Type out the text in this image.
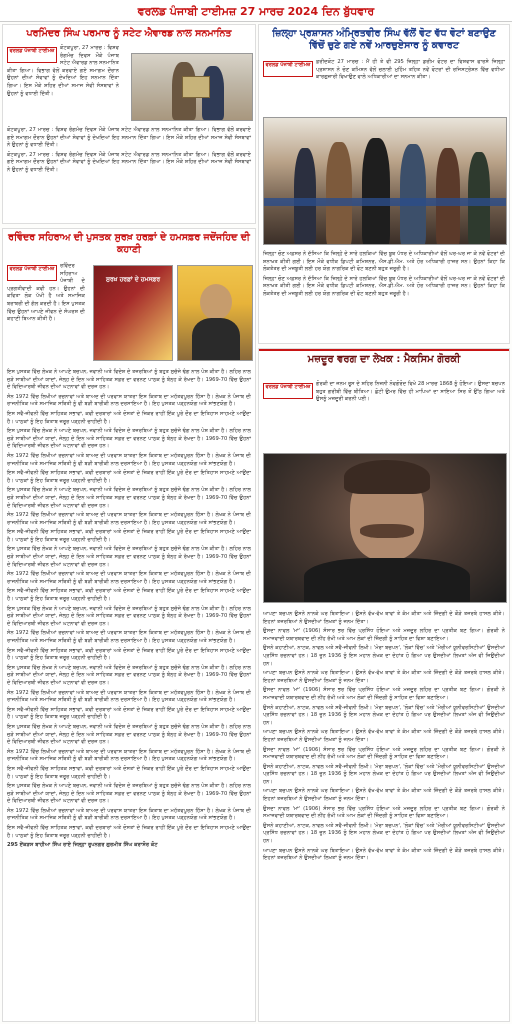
ਵਰਲਡ ਪੰਜਾਬੀ ਟਾਈਮਜ਼ 27 ਮਾਰਚ 2024 ਦਿਨ ਬੁੱਧਵਾਰ
ਪਰਮਿੰਦਰ ਸਿੰਘ ਪਰਮਾਰ ਨੂੰ ਸਟੇਟ ਐਵਾਰਡ ਨਾਲ ਸਨਮਾਨਿਤ
ਵਰਲਡ ਪੰਜਾਬੀ ਟਾਈਮਜ਼	ਕੋਟਕਪੂਰਾ, 27 ਮਾਰਚ : ਵਿਸ਼ਵ ਰੰਗਮੰਚ ਦਿਵਸ ਮੌਕੇ ਪੰਜਾਬ ਸਟੇਟ ਐਵਾਰਡ ਨਾਲ ਸਨਮਾਨਿਤ ਕੀਤਾ ਗਿਆ। ਵਿਭਾਗ ਵੱਲੋਂ ਕਰਵਾਏ ਗਏ ਸਮਾਗਮ ਦੌਰਾਨ ਉਹਨਾਂ ਦੀਆਂ ਸੇਵਾਵਾਂ ਨੂੰ ਦੇਖਦਿਆਂ ਇਹ ਸਨਮਾਨ ਦਿੱਤਾ ਗਿਆ। ਇਸ ਮੌਕੇ ਸ਼ਹਿਰ ਦੀਆਂ ਸਮਾਜ ਸੇਵੀ ਸੰਸਥਾਵਾਂ ਨੇ ਉਹਨਾਂ ਨੂੰ ਵਧਾਈ ਦਿੱਤੀ।

ਕੋਟਕਪੂਰਾ, 27 ਮਾਰਚ : ਵਿਸ਼ਵ ਰੰਗਮੰਚ ਦਿਵਸ ਮੌਕੇ ਪੰਜਾਬ ਸਟੇਟ ਐਵਾਰਡ ਨਾਲ ਸਨਮਾਨਿਤ ਕੀਤਾ ਗਿਆ। ਵਿਭਾਗ ਵੱਲੋਂ ਕਰਵਾਏ ਗਏ ਸਮਾਗਮ ਦੌਰਾਨ ਉਹਨਾਂ ਦੀਆਂ ਸੇਵਾਵਾਂ ਨੂੰ ਦੇਖਦਿਆਂ ਇਹ ਸਨਮਾਨ ਦਿੱਤਾ ਗਿਆ। ਇਸ ਮੌਕੇ ਸ਼ਹਿਰ ਦੀਆਂ ਸਮਾਜ ਸੇਵੀ ਸੰਸਥਾਵਾਂ ਨੇ ਉਹਨਾਂ ਨੂੰ ਵਧਾਈ ਦਿੱਤੀ।

ਕੋਟਕਪੂਰਾ, 27 ਮਾਰਚ : ਵਿਸ਼ਵ ਰੰਗਮੰਚ ਦਿਵਸ ਮੌਕੇ ਪੰਜਾਬ ਸਟੇਟ ਐਵਾਰਡ ਨਾਲ ਸਨਮਾਨਿਤ ਕੀਤਾ ਗਿਆ। ਵਿਭਾਗ ਵੱਲੋਂ ਕਰਵਾਏ ਗਏ ਸਮਾਗਮ ਦੌਰਾਨ ਉਹਨਾਂ ਦੀਆਂ ਸੇਵਾਵਾਂ ਨੂੰ ਦੇਖਦਿਆਂ ਇਹ ਸਨਮਾਨ ਦਿੱਤਾ ਗਿਆ। ਇਸ ਮੌਕੇ ਸ਼ਹਿਰ ਦੀਆਂ ਸਮਾਜ ਸੇਵੀ ਸੰਸਥਾਵਾਂ ਨੇ ਉਹਨਾਂ ਨੂੰ ਵਧਾਈ ਦਿੱਤੀ।

ਰਵਿੰਦਰ ਸਹਿਰਾਅ ਦੀ ਪੁਸਤਕ ਸੁਰਖ਼ ਹਰਫ਼ਾਂ ਦੇ ਹਮਸਫ਼ਰ ਜਦੋਂਜਹਿਦ ਦੀ ਕਹਾਣੀ
ਵਰਲਡ ਪੰਜਾਬੀ ਟਾਈਮਜ਼	ਰਵਿੰਦਰ ਸਹਿਰਾਅ ਪੰਜਾਬੀ ਦੇ ਪ੍ਰਗਤੀਵਾਦੀ ਕਵੀ ਹਨ। ਉਹਨਾਂ ਦੀ ਕਵਿਤਾ ਲੋਕ ਪੱਖੀ ਹੈ ਅਤੇ ਸਮਾਜਿਕ ਬਰਾਬਰੀ ਦੀ ਗੱਲ ਕਰਦੀ ਹੈ। ਇਸ ਪੁਸਤਕ ਵਿੱਚ ਉਹਨਾਂ ਆਪਣੇ ਜੀਵਨ ਦੇ ਸੰਘਰਸ਼ ਦੀ ਕਹਾਣੀ ਬਿਆਨ ਕੀਤੀ ਹੈ।

ਸੁਰਖ਼ ਹਰਫ਼ਾਂ ਦੇ ਹਮਸਫ਼ਰ

ਇਸ ਪੁਸਤਕ ਵਿੱਚ ਲੇਖਕ ਨੇ ਆਪਣੇ ਬਚਪਨ, ਜਵਾਨੀ ਅਤੇ ਵਿਦੇਸ਼ ਦੇ ਤਜਰਬਿਆਂ ਨੂੰ ਬਹੁਤ ਸੁਚੱਜੇ ਢੰਗ ਨਾਲ ਪੇਸ਼ ਕੀਤਾ ਹੈ। ਲਹਿਰ ਨਾਲ ਜੁੜੇ ਸਾਥੀਆਂ ਦੀਆਂ ਯਾਦਾਂ, ਜੇਲ੍ਹ ਦੇ ਦਿਨ ਅਤੇ ਸਾਹਿਤਕ ਸਫ਼ਰ ਦਾ ਵਰਨਣ ਪਾਠਕ ਨੂੰ ਬੰਨ੍ਹ ਕੇ ਰੱਖਦਾ ਹੈ। 1969-70 ਵਿੱਚ ਉਹਨਾਂ ਦੇ ਵਿਦਿਆਰਥੀ ਜੀਵਨ ਦੀਆਂ ਘਟਨਾਵਾਂ ਵੀ ਦਰਜ ਹਨ।

ਸੰਨ 1972 ਵਿੱਚ ਲਿਖੀਆਂ ਰਚਨਾਵਾਂ ਅਤੇ ਬਾਅਦ ਦੀ ਪਰਵਾਸ ਯਾਤਰਾ ਇਸ ਕਿਤਾਬ ਦਾ ਮਹੱਤਵਪੂਰਨ ਹਿੱਸਾ ਹੈ। ਲੇਖਕ ਨੇ ਪੰਜਾਬ ਦੀ ਰਾਜਨੀਤਿਕ ਅਤੇ ਸਮਾਜਿਕ ਸਥਿਤੀ ਨੂੰ ਵੀ ਬੜੀ ਬਾਰੀਕੀ ਨਾਲ ਦਰਸਾਇਆ ਹੈ। ਇਹ ਪੁਸਤਕ ਪੜ੍ਹਨਯੋਗ ਅਤੇ ਸਾਂਭਣਯੋਗ ਹੈ।

ਇਸ ਸਵੈ-ਜੀਵਨੀ ਵਿੱਚ ਸਾਹਿਤਕ ਸਭਾਵਾਂ, ਕਵੀ ਦਰਬਾਰਾਂ ਅਤੇ ਦੋਸਤਾਂ ਦੇ ਜ਼ਿਕਰ ਰਾਹੀਂ ਇੱਕ ਪੂਰੇ ਦੌਰ ਦਾ ਇਤਿਹਾਸ ਸਾਹਮਣੇ ਆਉਂਦਾ ਹੈ। ਪਾਠਕਾਂ ਨੂੰ ਇਹ ਕਿਤਾਬ ਜ਼ਰੂਰ ਪੜ੍ਹਨੀ ਚਾਹੀਦੀ ਹੈ।

ਇਸ ਪੁਸਤਕ ਵਿੱਚ ਲੇਖਕ ਨੇ ਆਪਣੇ ਬਚਪਨ, ਜਵਾਨੀ ਅਤੇ ਵਿਦੇਸ਼ ਦੇ ਤਜਰਬਿਆਂ ਨੂੰ ਬਹੁਤ ਸੁਚੱਜੇ ਢੰਗ ਨਾਲ ਪੇਸ਼ ਕੀਤਾ ਹੈ। ਲਹਿਰ ਨਾਲ ਜੁੜੇ ਸਾਥੀਆਂ ਦੀਆਂ ਯਾਦਾਂ, ਜੇਲ੍ਹ ਦੇ ਦਿਨ ਅਤੇ ਸਾਹਿਤਕ ਸਫ਼ਰ ਦਾ ਵਰਨਣ ਪਾਠਕ ਨੂੰ ਬੰਨ੍ਹ ਕੇ ਰੱਖਦਾ ਹੈ। 1969-70 ਵਿੱਚ ਉਹਨਾਂ ਦੇ ਵਿਦਿਆਰਥੀ ਜੀਵਨ ਦੀਆਂ ਘਟਨਾਵਾਂ ਵੀ ਦਰਜ ਹਨ।

ਸੰਨ 1972 ਵਿੱਚ ਲਿਖੀਆਂ ਰਚਨਾਵਾਂ ਅਤੇ ਬਾਅਦ ਦੀ ਪਰਵਾਸ ਯਾਤਰਾ ਇਸ ਕਿਤਾਬ ਦਾ ਮਹੱਤਵਪੂਰਨ ਹਿੱਸਾ ਹੈ। ਲੇਖਕ ਨੇ ਪੰਜਾਬ ਦੀ ਰਾਜਨੀਤਿਕ ਅਤੇ ਸਮਾਜਿਕ ਸਥਿਤੀ ਨੂੰ ਵੀ ਬੜੀ ਬਾਰੀਕੀ ਨਾਲ ਦਰਸਾਇਆ ਹੈ। ਇਹ ਪੁਸਤਕ ਪੜ੍ਹਨਯੋਗ ਅਤੇ ਸਾਂਭਣਯੋਗ ਹੈ।

ਇਸ ਸਵੈ-ਜੀਵਨੀ ਵਿੱਚ ਸਾਹਿਤਕ ਸਭਾਵਾਂ, ਕਵੀ ਦਰਬਾਰਾਂ ਅਤੇ ਦੋਸਤਾਂ ਦੇ ਜ਼ਿਕਰ ਰਾਹੀਂ ਇੱਕ ਪੂਰੇ ਦੌਰ ਦਾ ਇਤਿਹਾਸ ਸਾਹਮਣੇ ਆਉਂਦਾ ਹੈ। ਪਾਠਕਾਂ ਨੂੰ ਇਹ ਕਿਤਾਬ ਜ਼ਰੂਰ ਪੜ੍ਹਨੀ ਚਾਹੀਦੀ ਹੈ।

ਇਸ ਪੁਸਤਕ ਵਿੱਚ ਲੇਖਕ ਨੇ ਆਪਣੇ ਬਚਪਨ, ਜਵਾਨੀ ਅਤੇ ਵਿਦੇਸ਼ ਦੇ ਤਜਰਬਿਆਂ ਨੂੰ ਬਹੁਤ ਸੁਚੱਜੇ ਢੰਗ ਨਾਲ ਪੇਸ਼ ਕੀਤਾ ਹੈ। ਲਹਿਰ ਨਾਲ ਜੁੜੇ ਸਾਥੀਆਂ ਦੀਆਂ ਯਾਦਾਂ, ਜੇਲ੍ਹ ਦੇ ਦਿਨ ਅਤੇ ਸਾਹਿਤਕ ਸਫ਼ਰ ਦਾ ਵਰਨਣ ਪਾਠਕ ਨੂੰ ਬੰਨ੍ਹ ਕੇ ਰੱਖਦਾ ਹੈ। 1969-70 ਵਿੱਚ ਉਹਨਾਂ ਦੇ ਵਿਦਿਆਰਥੀ ਜੀਵਨ ਦੀਆਂ ਘਟਨਾਵਾਂ ਵੀ ਦਰਜ ਹਨ।

ਸੰਨ 1972 ਵਿੱਚ ਲਿਖੀਆਂ ਰਚਨਾਵਾਂ ਅਤੇ ਬਾਅਦ ਦੀ ਪਰਵਾਸ ਯਾਤਰਾ ਇਸ ਕਿਤਾਬ ਦਾ ਮਹੱਤਵਪੂਰਨ ਹਿੱਸਾ ਹੈ। ਲੇਖਕ ਨੇ ਪੰਜਾਬ ਦੀ ਰਾਜਨੀਤਿਕ ਅਤੇ ਸਮਾਜਿਕ ਸਥਿਤੀ ਨੂੰ ਵੀ ਬੜੀ ਬਾਰੀਕੀ ਨਾਲ ਦਰਸਾਇਆ ਹੈ। ਇਹ ਪੁਸਤਕ ਪੜ੍ਹਨਯੋਗ ਅਤੇ ਸਾਂਭਣਯੋਗ ਹੈ।

ਇਸ ਸਵੈ-ਜੀਵਨੀ ਵਿੱਚ ਸਾਹਿਤਕ ਸਭਾਵਾਂ, ਕਵੀ ਦਰਬਾਰਾਂ ਅਤੇ ਦੋਸਤਾਂ ਦੇ ਜ਼ਿਕਰ ਰਾਹੀਂ ਇੱਕ ਪੂਰੇ ਦੌਰ ਦਾ ਇਤਿਹਾਸ ਸਾਹਮਣੇ ਆਉਂਦਾ ਹੈ। ਪਾਠਕਾਂ ਨੂੰ ਇਹ ਕਿਤਾਬ ਜ਼ਰੂਰ ਪੜ੍ਹਨੀ ਚਾਹੀਦੀ ਹੈ।

ਇਸ ਪੁਸਤਕ ਵਿੱਚ ਲੇਖਕ ਨੇ ਆਪਣੇ ਬਚਪਨ, ਜਵਾਨੀ ਅਤੇ ਵਿਦੇਸ਼ ਦੇ ਤਜਰਬਿਆਂ ਨੂੰ ਬਹੁਤ ਸੁਚੱਜੇ ਢੰਗ ਨਾਲ ਪੇਸ਼ ਕੀਤਾ ਹੈ। ਲਹਿਰ ਨਾਲ ਜੁੜੇ ਸਾਥੀਆਂ ਦੀਆਂ ਯਾਦਾਂ, ਜੇਲ੍ਹ ਦੇ ਦਿਨ ਅਤੇ ਸਾਹਿਤਕ ਸਫ਼ਰ ਦਾ ਵਰਨਣ ਪਾਠਕ ਨੂੰ ਬੰਨ੍ਹ ਕੇ ਰੱਖਦਾ ਹੈ। 1969-70 ਵਿੱਚ ਉਹਨਾਂ ਦੇ ਵਿਦਿਆਰਥੀ ਜੀਵਨ ਦੀਆਂ ਘਟਨਾਵਾਂ ਵੀ ਦਰਜ ਹਨ।

ਸੰਨ 1972 ਵਿੱਚ ਲਿਖੀਆਂ ਰਚਨਾਵਾਂ ਅਤੇ ਬਾਅਦ ਦੀ ਪਰਵਾਸ ਯਾਤਰਾ ਇਸ ਕਿਤਾਬ ਦਾ ਮਹੱਤਵਪੂਰਨ ਹਿੱਸਾ ਹੈ। ਲੇਖਕ ਨੇ ਪੰਜਾਬ ਦੀ ਰਾਜਨੀਤਿਕ ਅਤੇ ਸਮਾਜਿਕ ਸਥਿਤੀ ਨੂੰ ਵੀ ਬੜੀ ਬਾਰੀਕੀ ਨਾਲ ਦਰਸਾਇਆ ਹੈ। ਇਹ ਪੁਸਤਕ ਪੜ੍ਹਨਯੋਗ ਅਤੇ ਸਾਂਭਣਯੋਗ ਹੈ।

ਇਸ ਸਵੈ-ਜੀਵਨੀ ਵਿੱਚ ਸਾਹਿਤਕ ਸਭਾਵਾਂ, ਕਵੀ ਦਰਬਾਰਾਂ ਅਤੇ ਦੋਸਤਾਂ ਦੇ ਜ਼ਿਕਰ ਰਾਹੀਂ ਇੱਕ ਪੂਰੇ ਦੌਰ ਦਾ ਇਤਿਹਾਸ ਸਾਹਮਣੇ ਆਉਂਦਾ ਹੈ। ਪਾਠਕਾਂ ਨੂੰ ਇਹ ਕਿਤਾਬ ਜ਼ਰੂਰ ਪੜ੍ਹਨੀ ਚਾਹੀਦੀ ਹੈ।

ਇਸ ਪੁਸਤਕ ਵਿੱਚ ਲੇਖਕ ਨੇ ਆਪਣੇ ਬਚਪਨ, ਜਵਾਨੀ ਅਤੇ ਵਿਦੇਸ਼ ਦੇ ਤਜਰਬਿਆਂ ਨੂੰ ਬਹੁਤ ਸੁਚੱਜੇ ਢੰਗ ਨਾਲ ਪੇਸ਼ ਕੀਤਾ ਹੈ। ਲਹਿਰ ਨਾਲ ਜੁੜੇ ਸਾਥੀਆਂ ਦੀਆਂ ਯਾਦਾਂ, ਜੇਲ੍ਹ ਦੇ ਦਿਨ ਅਤੇ ਸਾਹਿਤਕ ਸਫ਼ਰ ਦਾ ਵਰਨਣ ਪਾਠਕ ਨੂੰ ਬੰਨ੍ਹ ਕੇ ਰੱਖਦਾ ਹੈ। 1969-70 ਵਿੱਚ ਉਹਨਾਂ ਦੇ ਵਿਦਿਆਰਥੀ ਜੀਵਨ ਦੀਆਂ ਘਟਨਾਵਾਂ ਵੀ ਦਰਜ ਹਨ।

ਸੰਨ 1972 ਵਿੱਚ ਲਿਖੀਆਂ ਰਚਨਾਵਾਂ ਅਤੇ ਬਾਅਦ ਦੀ ਪਰਵਾਸ ਯਾਤਰਾ ਇਸ ਕਿਤਾਬ ਦਾ ਮਹੱਤਵਪੂਰਨ ਹਿੱਸਾ ਹੈ। ਲੇਖਕ ਨੇ ਪੰਜਾਬ ਦੀ ਰਾਜਨੀਤਿਕ ਅਤੇ ਸਮਾਜਿਕ ਸਥਿਤੀ ਨੂੰ ਵੀ ਬੜੀ ਬਾਰੀਕੀ ਨਾਲ ਦਰਸਾਇਆ ਹੈ। ਇਹ ਪੁਸਤਕ ਪੜ੍ਹਨਯੋਗ ਅਤੇ ਸਾਂਭਣਯੋਗ ਹੈ।

ਇਸ ਸਵੈ-ਜੀਵਨੀ ਵਿੱਚ ਸਾਹਿਤਕ ਸਭਾਵਾਂ, ਕਵੀ ਦਰਬਾਰਾਂ ਅਤੇ ਦੋਸਤਾਂ ਦੇ ਜ਼ਿਕਰ ਰਾਹੀਂ ਇੱਕ ਪੂਰੇ ਦੌਰ ਦਾ ਇਤਿਹਾਸ ਸਾਹਮਣੇ ਆਉਂਦਾ ਹੈ। ਪਾਠਕਾਂ ਨੂੰ ਇਹ ਕਿਤਾਬ ਜ਼ਰੂਰ ਪੜ੍ਹਨੀ ਚਾਹੀਦੀ ਹੈ।

ਇਸ ਪੁਸਤਕ ਵਿੱਚ ਲੇਖਕ ਨੇ ਆਪਣੇ ਬਚਪਨ, ਜਵਾਨੀ ਅਤੇ ਵਿਦੇਸ਼ ਦੇ ਤਜਰਬਿਆਂ ਨੂੰ ਬਹੁਤ ਸੁਚੱਜੇ ਢੰਗ ਨਾਲ ਪੇਸ਼ ਕੀਤਾ ਹੈ। ਲਹਿਰ ਨਾਲ ਜੁੜੇ ਸਾਥੀਆਂ ਦੀਆਂ ਯਾਦਾਂ, ਜੇਲ੍ਹ ਦੇ ਦਿਨ ਅਤੇ ਸਾਹਿਤਕ ਸਫ਼ਰ ਦਾ ਵਰਨਣ ਪਾਠਕ ਨੂੰ ਬੰਨ੍ਹ ਕੇ ਰੱਖਦਾ ਹੈ। 1969-70 ਵਿੱਚ ਉਹਨਾਂ ਦੇ ਵਿਦਿਆਰਥੀ ਜੀਵਨ ਦੀਆਂ ਘਟਨਾਵਾਂ ਵੀ ਦਰਜ ਹਨ।

ਸੰਨ 1972 ਵਿੱਚ ਲਿਖੀਆਂ ਰਚਨਾਵਾਂ ਅਤੇ ਬਾਅਦ ਦੀ ਪਰਵਾਸ ਯਾਤਰਾ ਇਸ ਕਿਤਾਬ ਦਾ ਮਹੱਤਵਪੂਰਨ ਹਿੱਸਾ ਹੈ। ਲੇਖਕ ਨੇ ਪੰਜਾਬ ਦੀ ਰਾਜਨੀਤਿਕ ਅਤੇ ਸਮਾਜਿਕ ਸਥਿਤੀ ਨੂੰ ਵੀ ਬੜੀ ਬਾਰੀਕੀ ਨਾਲ ਦਰਸਾਇਆ ਹੈ। ਇਹ ਪੁਸਤਕ ਪੜ੍ਹਨਯੋਗ ਅਤੇ ਸਾਂਭਣਯੋਗ ਹੈ।

ਇਸ ਸਵੈ-ਜੀਵਨੀ ਵਿੱਚ ਸਾਹਿਤਕ ਸਭਾਵਾਂ, ਕਵੀ ਦਰਬਾਰਾਂ ਅਤੇ ਦੋਸਤਾਂ ਦੇ ਜ਼ਿਕਰ ਰਾਹੀਂ ਇੱਕ ਪੂਰੇ ਦੌਰ ਦਾ ਇਤਿਹਾਸ ਸਾਹਮਣੇ ਆਉਂਦਾ ਹੈ। ਪਾਠਕਾਂ ਨੂੰ ਇਹ ਕਿਤਾਬ ਜ਼ਰੂਰ ਪੜ੍ਹਨੀ ਚਾਹੀਦੀ ਹੈ।

ਇਸ ਪੁਸਤਕ ਵਿੱਚ ਲੇਖਕ ਨੇ ਆਪਣੇ ਬਚਪਨ, ਜਵਾਨੀ ਅਤੇ ਵਿਦੇਸ਼ ਦੇ ਤਜਰਬਿਆਂ ਨੂੰ ਬਹੁਤ ਸੁਚੱਜੇ ਢੰਗ ਨਾਲ ਪੇਸ਼ ਕੀਤਾ ਹੈ। ਲਹਿਰ ਨਾਲ ਜੁੜੇ ਸਾਥੀਆਂ ਦੀਆਂ ਯਾਦਾਂ, ਜੇਲ੍ਹ ਦੇ ਦਿਨ ਅਤੇ ਸਾਹਿਤਕ ਸਫ਼ਰ ਦਾ ਵਰਨਣ ਪਾਠਕ ਨੂੰ ਬੰਨ੍ਹ ਕੇ ਰੱਖਦਾ ਹੈ। 1969-70 ਵਿੱਚ ਉਹਨਾਂ ਦੇ ਵਿਦਿਆਰਥੀ ਜੀਵਨ ਦੀਆਂ ਘਟਨਾਵਾਂ ਵੀ ਦਰਜ ਹਨ।

ਸੰਨ 1972 ਵਿੱਚ ਲਿਖੀਆਂ ਰਚਨਾਵਾਂ ਅਤੇ ਬਾਅਦ ਦੀ ਪਰਵਾਸ ਯਾਤਰਾ ਇਸ ਕਿਤਾਬ ਦਾ ਮਹੱਤਵਪੂਰਨ ਹਿੱਸਾ ਹੈ। ਲੇਖਕ ਨੇ ਪੰਜਾਬ ਦੀ ਰਾਜਨੀਤਿਕ ਅਤੇ ਸਮਾਜਿਕ ਸਥਿਤੀ ਨੂੰ ਵੀ ਬੜੀ ਬਾਰੀਕੀ ਨਾਲ ਦਰਸਾਇਆ ਹੈ। ਇਹ ਪੁਸਤਕ ਪੜ੍ਹਨਯੋਗ ਅਤੇ ਸਾਂਭਣਯੋਗ ਹੈ।

ਇਸ ਸਵੈ-ਜੀਵਨੀ ਵਿੱਚ ਸਾਹਿਤਕ ਸਭਾਵਾਂ, ਕਵੀ ਦਰਬਾਰਾਂ ਅਤੇ ਦੋਸਤਾਂ ਦੇ ਜ਼ਿਕਰ ਰਾਹੀਂ ਇੱਕ ਪੂਰੇ ਦੌਰ ਦਾ ਇਤਿਹਾਸ ਸਾਹਮਣੇ ਆਉਂਦਾ ਹੈ। ਪਾਠਕਾਂ ਨੂੰ ਇਹ ਕਿਤਾਬ ਜ਼ਰੂਰ ਪੜ੍ਹਨੀ ਚਾਹੀਦੀ ਹੈ।

ਇਸ ਪੁਸਤਕ ਵਿੱਚ ਲੇਖਕ ਨੇ ਆਪਣੇ ਬਚਪਨ, ਜਵਾਨੀ ਅਤੇ ਵਿਦੇਸ਼ ਦੇ ਤਜਰਬਿਆਂ ਨੂੰ ਬਹੁਤ ਸੁਚੱਜੇ ਢੰਗ ਨਾਲ ਪੇਸ਼ ਕੀਤਾ ਹੈ। ਲਹਿਰ ਨਾਲ ਜੁੜੇ ਸਾਥੀਆਂ ਦੀਆਂ ਯਾਦਾਂ, ਜੇਲ੍ਹ ਦੇ ਦਿਨ ਅਤੇ ਸਾਹਿਤਕ ਸਫ਼ਰ ਦਾ ਵਰਨਣ ਪਾਠਕ ਨੂੰ ਬੰਨ੍ਹ ਕੇ ਰੱਖਦਾ ਹੈ। 1969-70 ਵਿੱਚ ਉਹਨਾਂ ਦੇ ਵਿਦਿਆਰਥੀ ਜੀਵਨ ਦੀਆਂ ਘਟਨਾਵਾਂ ਵੀ ਦਰਜ ਹਨ।

ਸੰਨ 1972 ਵਿੱਚ ਲਿਖੀਆਂ ਰਚਨਾਵਾਂ ਅਤੇ ਬਾਅਦ ਦੀ ਪਰਵਾਸ ਯਾਤਰਾ ਇਸ ਕਿਤਾਬ ਦਾ ਮਹੱਤਵਪੂਰਨ ਹਿੱਸਾ ਹੈ। ਲੇਖਕ ਨੇ ਪੰਜਾਬ ਦੀ ਰਾਜਨੀਤਿਕ ਅਤੇ ਸਮਾਜਿਕ ਸਥਿਤੀ ਨੂੰ ਵੀ ਬੜੀ ਬਾਰੀਕੀ ਨਾਲ ਦਰਸਾਇਆ ਹੈ। ਇਹ ਪੁਸਤਕ ਪੜ੍ਹਨਯੋਗ ਅਤੇ ਸਾਂਭਣਯੋਗ ਹੈ।

ਇਸ ਸਵੈ-ਜੀਵਨੀ ਵਿੱਚ ਸਾਹਿਤਕ ਸਭਾਵਾਂ, ਕਵੀ ਦਰਬਾਰਾਂ ਅਤੇ ਦੋਸਤਾਂ ਦੇ ਜ਼ਿਕਰ ਰਾਹੀਂ ਇੱਕ ਪੂਰੇ ਦੌਰ ਦਾ ਇਤਿਹਾਸ ਸਾਹਮਣੇ ਆਉਂਦਾ ਹੈ। ਪਾਠਕਾਂ ਨੂੰ ਇਹ ਕਿਤਾਬ ਜ਼ਰੂਰ ਪੜ੍ਹਨੀ ਚਾਹੀਦੀ ਹੈ।

295 ਏਂਕੜਸ ਬਾਹੀਆ ਸਿੰਘ ਰਾਏ ਜਿਲ੍ਹਾ ਰੂਪਨਗਰ ਗੁਰਮੀਤ ਸਿੰਘ ਕਰਾਸੋਰ ਕੋਟ

ਜ਼ਿਲ੍ਹਾ ਪ੍ਰਸ਼ਾਸਨ ਅੰਮ੍ਰਿਤਵੀਰ ਸਿੰਘ ਵੱਲੋਂ ਵੋਟ ਵੱਧ ਵੋਟਾਂ ਬਣਾਉਣ ਵਿੱਚੋਂ ਚੁਣੇ ਗਏ ਨਵੇਂ ਆਰਚੁਏਸਾਰ ਨੂੰ ਕਵਾਰਟ
ਵਰਲਡ ਪੰਜਾਬੀ ਟਾਈਮਜ਼	ਫ਼ਰੀਦਕੋਟ 27 ਮਾਰਚ : ਮੈਂ ਹੀ ਤੇ ਵੀ 295 ਜ਼ਿਲ੍ਹਾ ਡਰੀਮ ਵੋਟਰ ਦਾ ਵਿਸ਼ਵਾਸ ਫਾਰਸੇ ਜਿਲ੍ਹਾ ਪ੍ਰਸ਼ਾਸਨ ਨੇ ਚੋਣ ਕਮਿਸ਼ਨ ਵੱਲੋਂ ਚਲਾਈ ਮੁਹਿੰਮ ਤਹਿਤ ਨਵੇਂ ਵੋਟਰਾਂ ਦੀ ਰਜਿਸਟ੍ਰੇਸ਼ਨ ਵਿੱਚ ਵਧੀਆ ਕਾਰਗੁਜ਼ਾਰੀ ਵਿਖਾਉਣ ਵਾਲੇ ਅਧਿਕਾਰੀਆਂ ਦਾ ਸਨਮਾਨ ਕੀਤਾ।

ਜ਼ਿਲ੍ਹਾ ਚੋਣ ਅਫ਼ਸਰ ਨੇ ਦੱਸਿਆ ਕਿ ਜ਼ਿਲ੍ਹੇ ਦੇ ਸਾਰੇ ਹਲਕਿਆਂ ਵਿੱਚ ਬੂਥ ਪੱਧਰ ਦੇ ਅਧਿਕਾਰੀਆਂ ਵੱਲੋਂ ਘਰ-ਘਰ ਜਾ ਕੇ ਨਵੇਂ ਵੋਟਰਾਂ ਦੀ ਸ਼ਨਾਖ਼ਤ ਕੀਤੀ ਗਈ। ਇਸ ਮੌਕੇ ਵਧੀਕ ਡਿਪਟੀ ਕਮਿਸ਼ਨਰ, ਐਸ.ਡੀ.ਐਮ. ਅਤੇ ਹੋਰ ਅਧਿਕਾਰੀ ਹਾਜ਼ਰ ਸਨ। ਉਹਨਾਂ ਕਿਹਾ ਕਿ ਲੋਕਤੰਤਰ ਦੀ ਮਜ਼ਬੂਤੀ ਲਈ ਹਰ ਯੋਗ ਨਾਗਰਿਕ ਦੀ ਵੋਟ ਬਣਨੀ ਬਹੁਤ ਜ਼ਰੂਰੀ ਹੈ।

ਜ਼ਿਲ੍ਹਾ ਚੋਣ ਅਫ਼ਸਰ ਨੇ ਦੱਸਿਆ ਕਿ ਜ਼ਿਲ੍ਹੇ ਦੇ ਸਾਰੇ ਹਲਕਿਆਂ ਵਿੱਚ ਬੂਥ ਪੱਧਰ ਦੇ ਅਧਿਕਾਰੀਆਂ ਵੱਲੋਂ ਘਰ-ਘਰ ਜਾ ਕੇ ਨਵੇਂ ਵੋਟਰਾਂ ਦੀ ਸ਼ਨਾਖ਼ਤ ਕੀਤੀ ਗਈ। ਇਸ ਮੌਕੇ ਵਧੀਕ ਡਿਪਟੀ ਕਮਿਸ਼ਨਰ, ਐਸ.ਡੀ.ਐਮ. ਅਤੇ ਹੋਰ ਅਧਿਕਾਰੀ ਹਾਜ਼ਰ ਸਨ। ਉਹਨਾਂ ਕਿਹਾ ਕਿ ਲੋਕਤੰਤਰ ਦੀ ਮਜ਼ਬੂਤੀ ਲਈ ਹਰ ਯੋਗ ਨਾਗਰਿਕ ਦੀ ਵੋਟ ਬਣਨੀ ਬਹੁਤ ਜ਼ਰੂਰੀ ਹੈ।

ਮਜ਼ਦੂਰ ਵਰਗ ਦਾ ਲੇਖਕ : ਮੈਕਸਿਮ ਗੋਰਕੀ
ਵਰਲਡ ਪੰਜਾਬੀ ਟਾਈਮਜ਼	ਗੋਰਕੀ ਦਾ ਜਨਮ ਰੂਸ ਦੇ ਸ਼ਹਿਰ ਨਿਜ਼ਨੀ ਨੋਵਗੋਰੋਦ ਵਿਖੇ 28 ਮਾਰਚ 1868 ਨੂੰ ਹੋਇਆ। ਉਸਦਾ ਬਚਪਨ ਬਹੁਤ ਗਰੀਬੀ ਵਿੱਚ ਬੀਤਿਆ। ਛੋਟੀ ਉਮਰ ਵਿੱਚ ਹੀ ਮਾਪਿਆਂ ਦਾ ਸਾਇਆ ਸਿਰ ਤੋਂ ਉੱਠ ਗਿਆ ਅਤੇ ਉਸਨੂੰ ਮਜ਼ਦੂਰੀ ਕਰਨੀ ਪਈ।

ਆਪਣਾ ਬਚਪਨ ਉਸਨੇ ਨਾਨਕੇ ਘਰ ਬਿਤਾਇਆ। ਉਸਨੇ ਵੱਖ-ਵੱਖ ਥਾਵਾਂ ਤੇ ਕੰਮ ਕੀਤਾ ਅਤੇ ਜ਼ਿੰਦਗੀ ਦੇ ਕੌੜੇ ਤਜਰਬੇ ਹਾਸਲ ਕੀਤੇ। ਇਹਨਾਂ ਤਜਰਬਿਆਂ ਨੇ ਉਸਦੀਆਂ ਲਿਖਤਾਂ ਨੂੰ ਜਨਮ ਦਿੱਤਾ।

ਉਸਦਾ ਨਾਵਲ 'ਮਾਂ' (1906) ਸੰਸਾਰ ਭਰ ਵਿੱਚ ਪ੍ਰਸਿੱਧ ਹੋਇਆ ਅਤੇ ਮਜ਼ਦੂਰ ਲਹਿਰ ਦਾ ਪ੍ਰਤੀਕ ਬਣ ਗਿਆ। ਗੋਰਕੀ ਨੇ ਸਮਾਜਵਾਦੀ ਯਥਾਰਥਵਾਦ ਦੀ ਨੀਂਹ ਰੱਖੀ ਅਤੇ ਆਮ ਲੋਕਾਂ ਦੀ ਜ਼ਿੰਦਗੀ ਨੂੰ ਸਾਹਿਤ ਦਾ ਵਿਸ਼ਾ ਬਣਾਇਆ।

ਉਸਨੇ ਕਹਾਣੀਆਂ, ਨਾਟਕ, ਨਾਵਲ ਅਤੇ ਸਵੈ-ਜੀਵਨੀ ਲਿਖੀ। 'ਮੇਰਾ ਬਚਪਨ', 'ਲੋਕਾਂ ਵਿੱਚ' ਅਤੇ 'ਮੇਰੀਆਂ ਯੂਨੀਵਰਸਿਟੀਆਂ' ਉਸਦੀਆਂ ਪ੍ਰਸਿੱਧ ਰਚਨਾਵਾਂ ਹਨ। 18 ਜੂਨ 1936 ਨੂੰ ਇਸ ਮਹਾਨ ਲੇਖਕ ਦਾ ਦੇਹਾਂਤ ਹੋ ਗਿਆ ਪਰ ਉਸਦੀਆਂ ਲਿਖਤਾਂ ਅੱਜ ਵੀ ਜਿਉਂਦੀਆਂ ਹਨ।

ਆਪਣਾ ਬਚਪਨ ਉਸਨੇ ਨਾਨਕੇ ਘਰ ਬਿਤਾਇਆ। ਉਸਨੇ ਵੱਖ-ਵੱਖ ਥਾਵਾਂ ਤੇ ਕੰਮ ਕੀਤਾ ਅਤੇ ਜ਼ਿੰਦਗੀ ਦੇ ਕੌੜੇ ਤਜਰਬੇ ਹਾਸਲ ਕੀਤੇ। ਇਹਨਾਂ ਤਜਰਬਿਆਂ ਨੇ ਉਸਦੀਆਂ ਲਿਖਤਾਂ ਨੂੰ ਜਨਮ ਦਿੱਤਾ।

ਉਸਦਾ ਨਾਵਲ 'ਮਾਂ' (1906) ਸੰਸਾਰ ਭਰ ਵਿੱਚ ਪ੍ਰਸਿੱਧ ਹੋਇਆ ਅਤੇ ਮਜ਼ਦੂਰ ਲਹਿਰ ਦਾ ਪ੍ਰਤੀਕ ਬਣ ਗਿਆ। ਗੋਰਕੀ ਨੇ ਸਮਾਜਵਾਦੀ ਯਥਾਰਥਵਾਦ ਦੀ ਨੀਂਹ ਰੱਖੀ ਅਤੇ ਆਮ ਲੋਕਾਂ ਦੀ ਜ਼ਿੰਦਗੀ ਨੂੰ ਸਾਹਿਤ ਦਾ ਵਿਸ਼ਾ ਬਣਾਇਆ।

ਉਸਨੇ ਕਹਾਣੀਆਂ, ਨਾਟਕ, ਨਾਵਲ ਅਤੇ ਸਵੈ-ਜੀਵਨੀ ਲਿਖੀ। 'ਮੇਰਾ ਬਚਪਨ', 'ਲੋਕਾਂ ਵਿੱਚ' ਅਤੇ 'ਮੇਰੀਆਂ ਯੂਨੀਵਰਸਿਟੀਆਂ' ਉਸਦੀਆਂ ਪ੍ਰਸਿੱਧ ਰਚਨਾਵਾਂ ਹਨ। 18 ਜੂਨ 1936 ਨੂੰ ਇਸ ਮਹਾਨ ਲੇਖਕ ਦਾ ਦੇਹਾਂਤ ਹੋ ਗਿਆ ਪਰ ਉਸਦੀਆਂ ਲਿਖਤਾਂ ਅੱਜ ਵੀ ਜਿਉਂਦੀਆਂ ਹਨ।

ਆਪਣਾ ਬਚਪਨ ਉਸਨੇ ਨਾਨਕੇ ਘਰ ਬਿਤਾਇਆ। ਉਸਨੇ ਵੱਖ-ਵੱਖ ਥਾਵਾਂ ਤੇ ਕੰਮ ਕੀਤਾ ਅਤੇ ਜ਼ਿੰਦਗੀ ਦੇ ਕੌੜੇ ਤਜਰਬੇ ਹਾਸਲ ਕੀਤੇ। ਇਹਨਾਂ ਤਜਰਬਿਆਂ ਨੇ ਉਸਦੀਆਂ ਲਿਖਤਾਂ ਨੂੰ ਜਨਮ ਦਿੱਤਾ।

ਉਸਦਾ ਨਾਵਲ 'ਮਾਂ' (1906) ਸੰਸਾਰ ਭਰ ਵਿੱਚ ਪ੍ਰਸਿੱਧ ਹੋਇਆ ਅਤੇ ਮਜ਼ਦੂਰ ਲਹਿਰ ਦਾ ਪ੍ਰਤੀਕ ਬਣ ਗਿਆ। ਗੋਰਕੀ ਨੇ ਸਮਾਜਵਾਦੀ ਯਥਾਰਥਵਾਦ ਦੀ ਨੀਂਹ ਰੱਖੀ ਅਤੇ ਆਮ ਲੋਕਾਂ ਦੀ ਜ਼ਿੰਦਗੀ ਨੂੰ ਸਾਹਿਤ ਦਾ ਵਿਸ਼ਾ ਬਣਾਇਆ।

ਉਸਨੇ ਕਹਾਣੀਆਂ, ਨਾਟਕ, ਨਾਵਲ ਅਤੇ ਸਵੈ-ਜੀਵਨੀ ਲਿਖੀ। 'ਮੇਰਾ ਬਚਪਨ', 'ਲੋਕਾਂ ਵਿੱਚ' ਅਤੇ 'ਮੇਰੀਆਂ ਯੂਨੀਵਰਸਿਟੀਆਂ' ਉਸਦੀਆਂ ਪ੍ਰਸਿੱਧ ਰਚਨਾਵਾਂ ਹਨ। 18 ਜੂਨ 1936 ਨੂੰ ਇਸ ਮਹਾਨ ਲੇਖਕ ਦਾ ਦੇਹਾਂਤ ਹੋ ਗਿਆ ਪਰ ਉਸਦੀਆਂ ਲਿਖਤਾਂ ਅੱਜ ਵੀ ਜਿਉਂਦੀਆਂ ਹਨ।

ਆਪਣਾ ਬਚਪਨ ਉਸਨੇ ਨਾਨਕੇ ਘਰ ਬਿਤਾਇਆ। ਉਸਨੇ ਵੱਖ-ਵੱਖ ਥਾਵਾਂ ਤੇ ਕੰਮ ਕੀਤਾ ਅਤੇ ਜ਼ਿੰਦਗੀ ਦੇ ਕੌੜੇ ਤਜਰਬੇ ਹਾਸਲ ਕੀਤੇ। ਇਹਨਾਂ ਤਜਰਬਿਆਂ ਨੇ ਉਸਦੀਆਂ ਲਿਖਤਾਂ ਨੂੰ ਜਨਮ ਦਿੱਤਾ।

ਉਸਦਾ ਨਾਵਲ 'ਮਾਂ' (1906) ਸੰਸਾਰ ਭਰ ਵਿੱਚ ਪ੍ਰਸਿੱਧ ਹੋਇਆ ਅਤੇ ਮਜ਼ਦੂਰ ਲਹਿਰ ਦਾ ਪ੍ਰਤੀਕ ਬਣ ਗਿਆ। ਗੋਰਕੀ ਨੇ ਸਮਾਜਵਾਦੀ ਯਥਾਰਥਵਾਦ ਦੀ ਨੀਂਹ ਰੱਖੀ ਅਤੇ ਆਮ ਲੋਕਾਂ ਦੀ ਜ਼ਿੰਦਗੀ ਨੂੰ ਸਾਹਿਤ ਦਾ ਵਿਸ਼ਾ ਬਣਾਇਆ।

ਉਸਨੇ ਕਹਾਣੀਆਂ, ਨਾਟਕ, ਨਾਵਲ ਅਤੇ ਸਵੈ-ਜੀਵਨੀ ਲਿਖੀ। 'ਮੇਰਾ ਬਚਪਨ', 'ਲੋਕਾਂ ਵਿੱਚ' ਅਤੇ 'ਮੇਰੀਆਂ ਯੂਨੀਵਰਸਿਟੀਆਂ' ਉਸਦੀਆਂ ਪ੍ਰਸਿੱਧ ਰਚਨਾਵਾਂ ਹਨ। 18 ਜੂਨ 1936 ਨੂੰ ਇਸ ਮਹਾਨ ਲੇਖਕ ਦਾ ਦੇਹਾਂਤ ਹੋ ਗਿਆ ਪਰ ਉਸਦੀਆਂ ਲਿਖਤਾਂ ਅੱਜ ਵੀ ਜਿਉਂਦੀਆਂ ਹਨ।

ਆਪਣਾ ਬਚਪਨ ਉਸਨੇ ਨਾਨਕੇ ਘਰ ਬਿਤਾਇਆ। ਉਸਨੇ ਵੱਖ-ਵੱਖ ਥਾਵਾਂ ਤੇ ਕੰਮ ਕੀਤਾ ਅਤੇ ਜ਼ਿੰਦਗੀ ਦੇ ਕੌੜੇ ਤਜਰਬੇ ਹਾਸਲ ਕੀਤੇ। ਇਹਨਾਂ ਤਜਰਬਿਆਂ ਨੇ ਉਸਦੀਆਂ ਲਿਖਤਾਂ ਨੂੰ ਜਨਮ ਦਿੱਤਾ।
